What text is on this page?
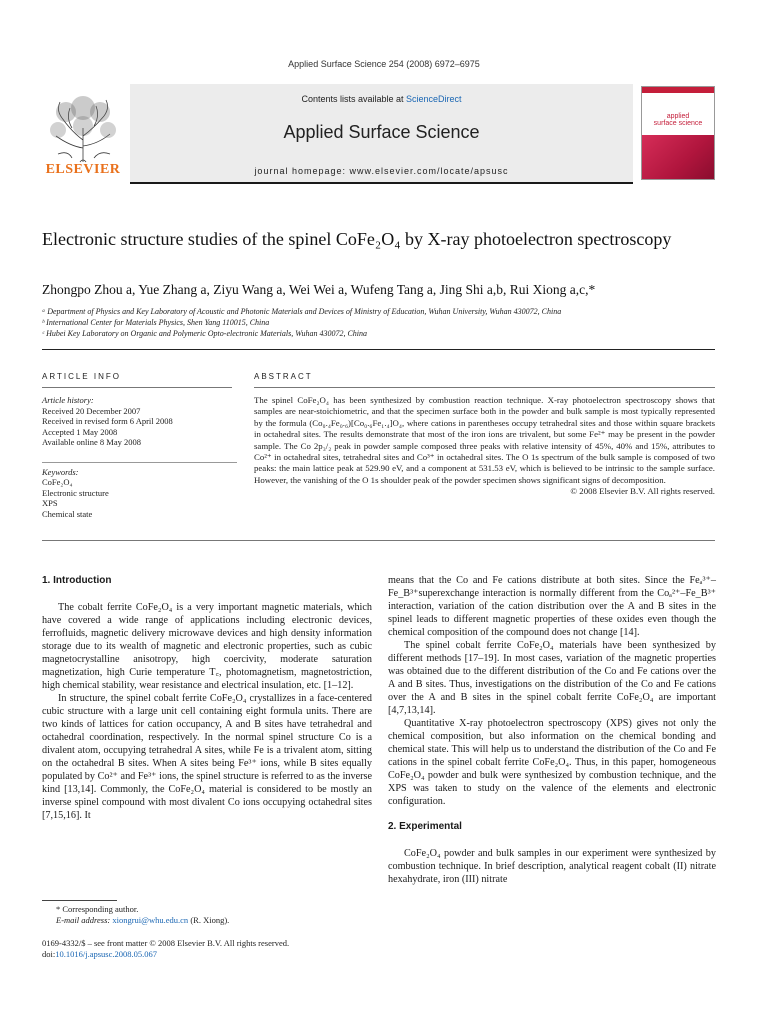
Applied Surface Science 254 (2008) 6972–6975
ELSEVIER
Contents lists available at ScienceDirect
Applied Surface Science
journal homepage: www.elsevier.com/locate/apsusc
applied
surface science
Electronic structure studies of the spinel CoFe₂O₄ by X-ray photoelectron spectroscopy
Zhongpo Zhou a, Yue Zhang a, Ziyu Wang a, Wei Wei a, Wufeng Tang a, Jing Shi a,b, Rui Xiong a,c,*
ᵃ Department of Physics and Key Laboratory of Acoustic and Photonic Materials and Devices of Ministry of Education, Wuhan University, Wuhan 430072, China
ᵇ International Center for Materials Physics, Shen Yang 110015, China
ᶜ Hubei Key Laboratory on Organic and Polymeric Opto-electronic Materials, Wuhan 430072, China
ARTICLE INFO	ABSTRACT
Article history:
Received 20 December 2007
Received in revised form 6 April 2008
Accepted 1 May 2008
Available online 8 May 2008
Keywords:
CoFe₂O₄
Electronic structure
XPS
Chemical state
The spinel CoFe₂O₄ has been synthesized by combustion reaction technique. X-ray photoelectron spectroscopy shows that samples are near-stoichiometric, and that the specimen surface both in the powder and bulk sample is most typically represented by the formula (Co₀.₄Fe₀.₆)[Co₀.₆Fe₁.₄]O₄, where cations in parentheses occupy tetrahedral sites and those within square brackets in octahedral sites. The results demonstrate that most of the iron ions are trivalent, but some Fe²⁺ may be present in the powder sample. The Co 2p₃/₂ peak in powder sample composed three peaks with relative intensity of 45%, 40% and 15%, attributes to Co²⁺ in octahedral sites, tetrahedral sites and Co³⁺ in octahedral sites. The O 1s spectrum of the bulk sample is composed of two peaks: the main lattice peak at 529.90 eV, and a component at 531.53 eV, which is believed to be intrinsic to the sample surface. However, the vanishing of the O 1s shoulder peak of the powder specimen shows significant signs of decomposition.
© 2008 Elsevier B.V. All rights reserved.
1. Introduction

The cobalt ferrite CoFe₂O₄ is a very important magnetic materials, which have covered a wide range of applications including electronic devices, ferrofluids, magnetic delivery microwave devices and high density information storage due to its wealth of magnetic and electronic properties, such as cubic magnetocrystalline anisotropy, high coercivity, moderate saturation magnetization, high Curie temperature T꜀, photomagnetism, magnetostriction, high chemical stability, wear resistance and electrical insulation, etc. [1–12].

In structure, the spinel cobalt ferrite CoFe₂O₄ crystallizes in a face-centered cubic structure with a large unit cell containing eight formula units. There are two kinds of lattices for cation occupancy, A and B sites have tetrahedral and octahedral coordination, respectively. In the normal spinel structure Co is a divalent atom, occupying tetrahedral A sites, while Fe is a trivalent atom, sitting on the octahedral B sites. When A sites being Fe³⁺ ions, while B sites equally populated by Co²⁺ and Fe³⁺ ions, the spinel structure is referred to as the inverse kind [13,14]. Commonly, the CoFe₂O₄ material is considered to be mostly an inverse spinel compound with most divalent Co ions occupying octahedral sites [7,15,16]. It

means that the Co and Fe cations distribute at both sites. Since the Feₐ³⁺–Fe_B³⁺superexchange interaction is normally different from the Coₐ²⁺–Fe_B³⁺ interaction, variation of the cation distribution over the A and B sites in the spinel leads to different magnetic properties of these oxides even though the chemical composition of the compound does not change [14].

The spinel cobalt ferrite CoFe₂O₄ materials have been synthesized by different methods [17–19]. In most cases, variation of the magnetic properties was obtained due to the different distribution of the Co and Fe cations over the A and B sites. Thus, investigations on the distribution of the Co and Fe cations over the A and B sites in the spinel cobalt ferrite CoFe₂O₄ are important [4,7,13,14].

Quantitative X-ray photoelectron spectroscopy (XPS) gives not only the chemical composition, but also information on the chemical bonding and chemical state. This will help us to understand the distribution of the Co and Fe cations in the spinel cobalt ferrite CoFe₂O₄. Thus, in this paper, homogeneous CoFe₂O₄ powder and bulk were synthesized by combustion technique, and the XPS was taken to study on the valence of the elements and electronic configuration.

2. Experimental

CoFe₂O₄ powder and bulk samples in our experiment were synthesized by combustion technique. In brief description, analytical reagent cobalt (II) nitrate hexahydrate, iron (III) nitrate

* Corresponding author.
E-mail address: xiongrui@whu.edu.cn (R. Xiong).
0169-4332/$ – see front matter © 2008 Elsevier B.V. All rights reserved.
doi:10.1016/j.apsusc.2008.05.067
